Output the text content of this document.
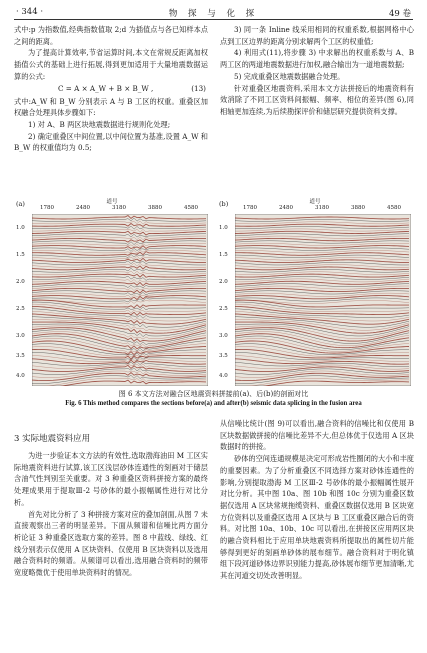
· 344 ·	物 探 与 化 探	49 卷

式中:p 为指数值,经典指数值取 2;d 为插值点与各已知样本点之间的距离。

为了提高计算效率,节省运算时间,本文在常规反距离加权插值公式的基础上进行拓展,得到更加适用于大量地震数据运算的公式:

C = A × A_W + B × B_W ,	(13)

式中:A_W 和 B_W 分别表示 A 与 B 工区的权重。重叠区加权融合处理具体步骤如下:

1) 对 A、B 两区块地震数据进行规则化处理;

2) 确定重叠区中间位置,以中间位置为基准,设置 A_W 和 B_W 的权重值均为 0.5;

3) 同一条 Inline 线采用相同的权重系数,根据网格中心点到工区边界的距离分别求解两个工区的权重值;

4) 利用式(11),将步骤 3) 中求解出的权重系数与 A、B 两工区的两道地震数据进行加权,融合输出为一道地震数据;

5) 完成重叠区地震数据融合处理。

针对重叠区地震资料,采用本文方法拼接后的地震资料有效消除了不同工区资料间振幅、频率、相位的差异(图 6),同相轴更加连续,为后续勘探评价和储层研究提供资料支撑。

(a)	道号
1780	2480	3180	3880	4580
1.0
1.5
2.0
2.5
3.0
3.5
4.0
(b)	道号
1780	2480	3180	3880	4580
1.0
1.5
2.0
2.5
3.0
3.5
4.0
图 6 本文方法对融合区地震资料拼接前(a)、后(b)的剖面对比
Fig. 6 This method compares the sections before(a) and after(b) seismic data splicing in the fusion area

3 实际地震资料应用

为进一步验证本文方法的有效性,选取渤海油田 M 工区实际地震资料进行试算,该工区浅层砂体连通性的刻画对于储层含油气性判别至关重要。对 3 种重叠区资料拼接方案的最终处理成果用于提取Ⅲ-2 号砂体的最小振幅属性进行对比分析。

首先对比分析了 3 种拼接方案对应的叠加剖面,从图 7 未直接观察出三者的明显差异。下面从频谱和信噪比两方面分析论证 3 种重叠区选取方案的差异。图 8 中蓝线、绿线、红线分别表示仅使用 A 区块资料、仅使用 B 区块资料以及选用融合资料时的频谱。从频谱可以看出,选用融合资料时的频带宽度略微优于使用单块资料时的情况。

从信噪比统计(图 9)可以看出,融合资料的信噪比和仅使用 B 区块数据做拼接的信噪比差异不大,但总体优于仅选用 A 区块数据时的拼接。

砂体的空间连通规模是决定可形成岩性圈闭的大小和丰度的重要因素。为了分析重叠区不同选择方案对砂体连通性的影响,分别提取渤海 M 工区Ⅲ-2 号砂体的最小振幅属性展开对比分析。其中图 10a、图 10b 和图 10c 分别为重叠区数据仅选用 A 区块常规拖缆资料、重叠区数据仅选用 B 区块宽方位资料以及重叠区选用 A 区块与 B 工区重叠区融合后的资料。对比图 10a、10b、10c 可以看出,在拼接区应用两区块的融合资料相比于应用单块地震资料所提取出的属性切片能够得到更好的刻画单砂体的展布细节。融合资料对于明化镇组下段河道砂体边界识别能力提高,砂体展布细节更加清晰,尤其在河道交切处改善明显。
